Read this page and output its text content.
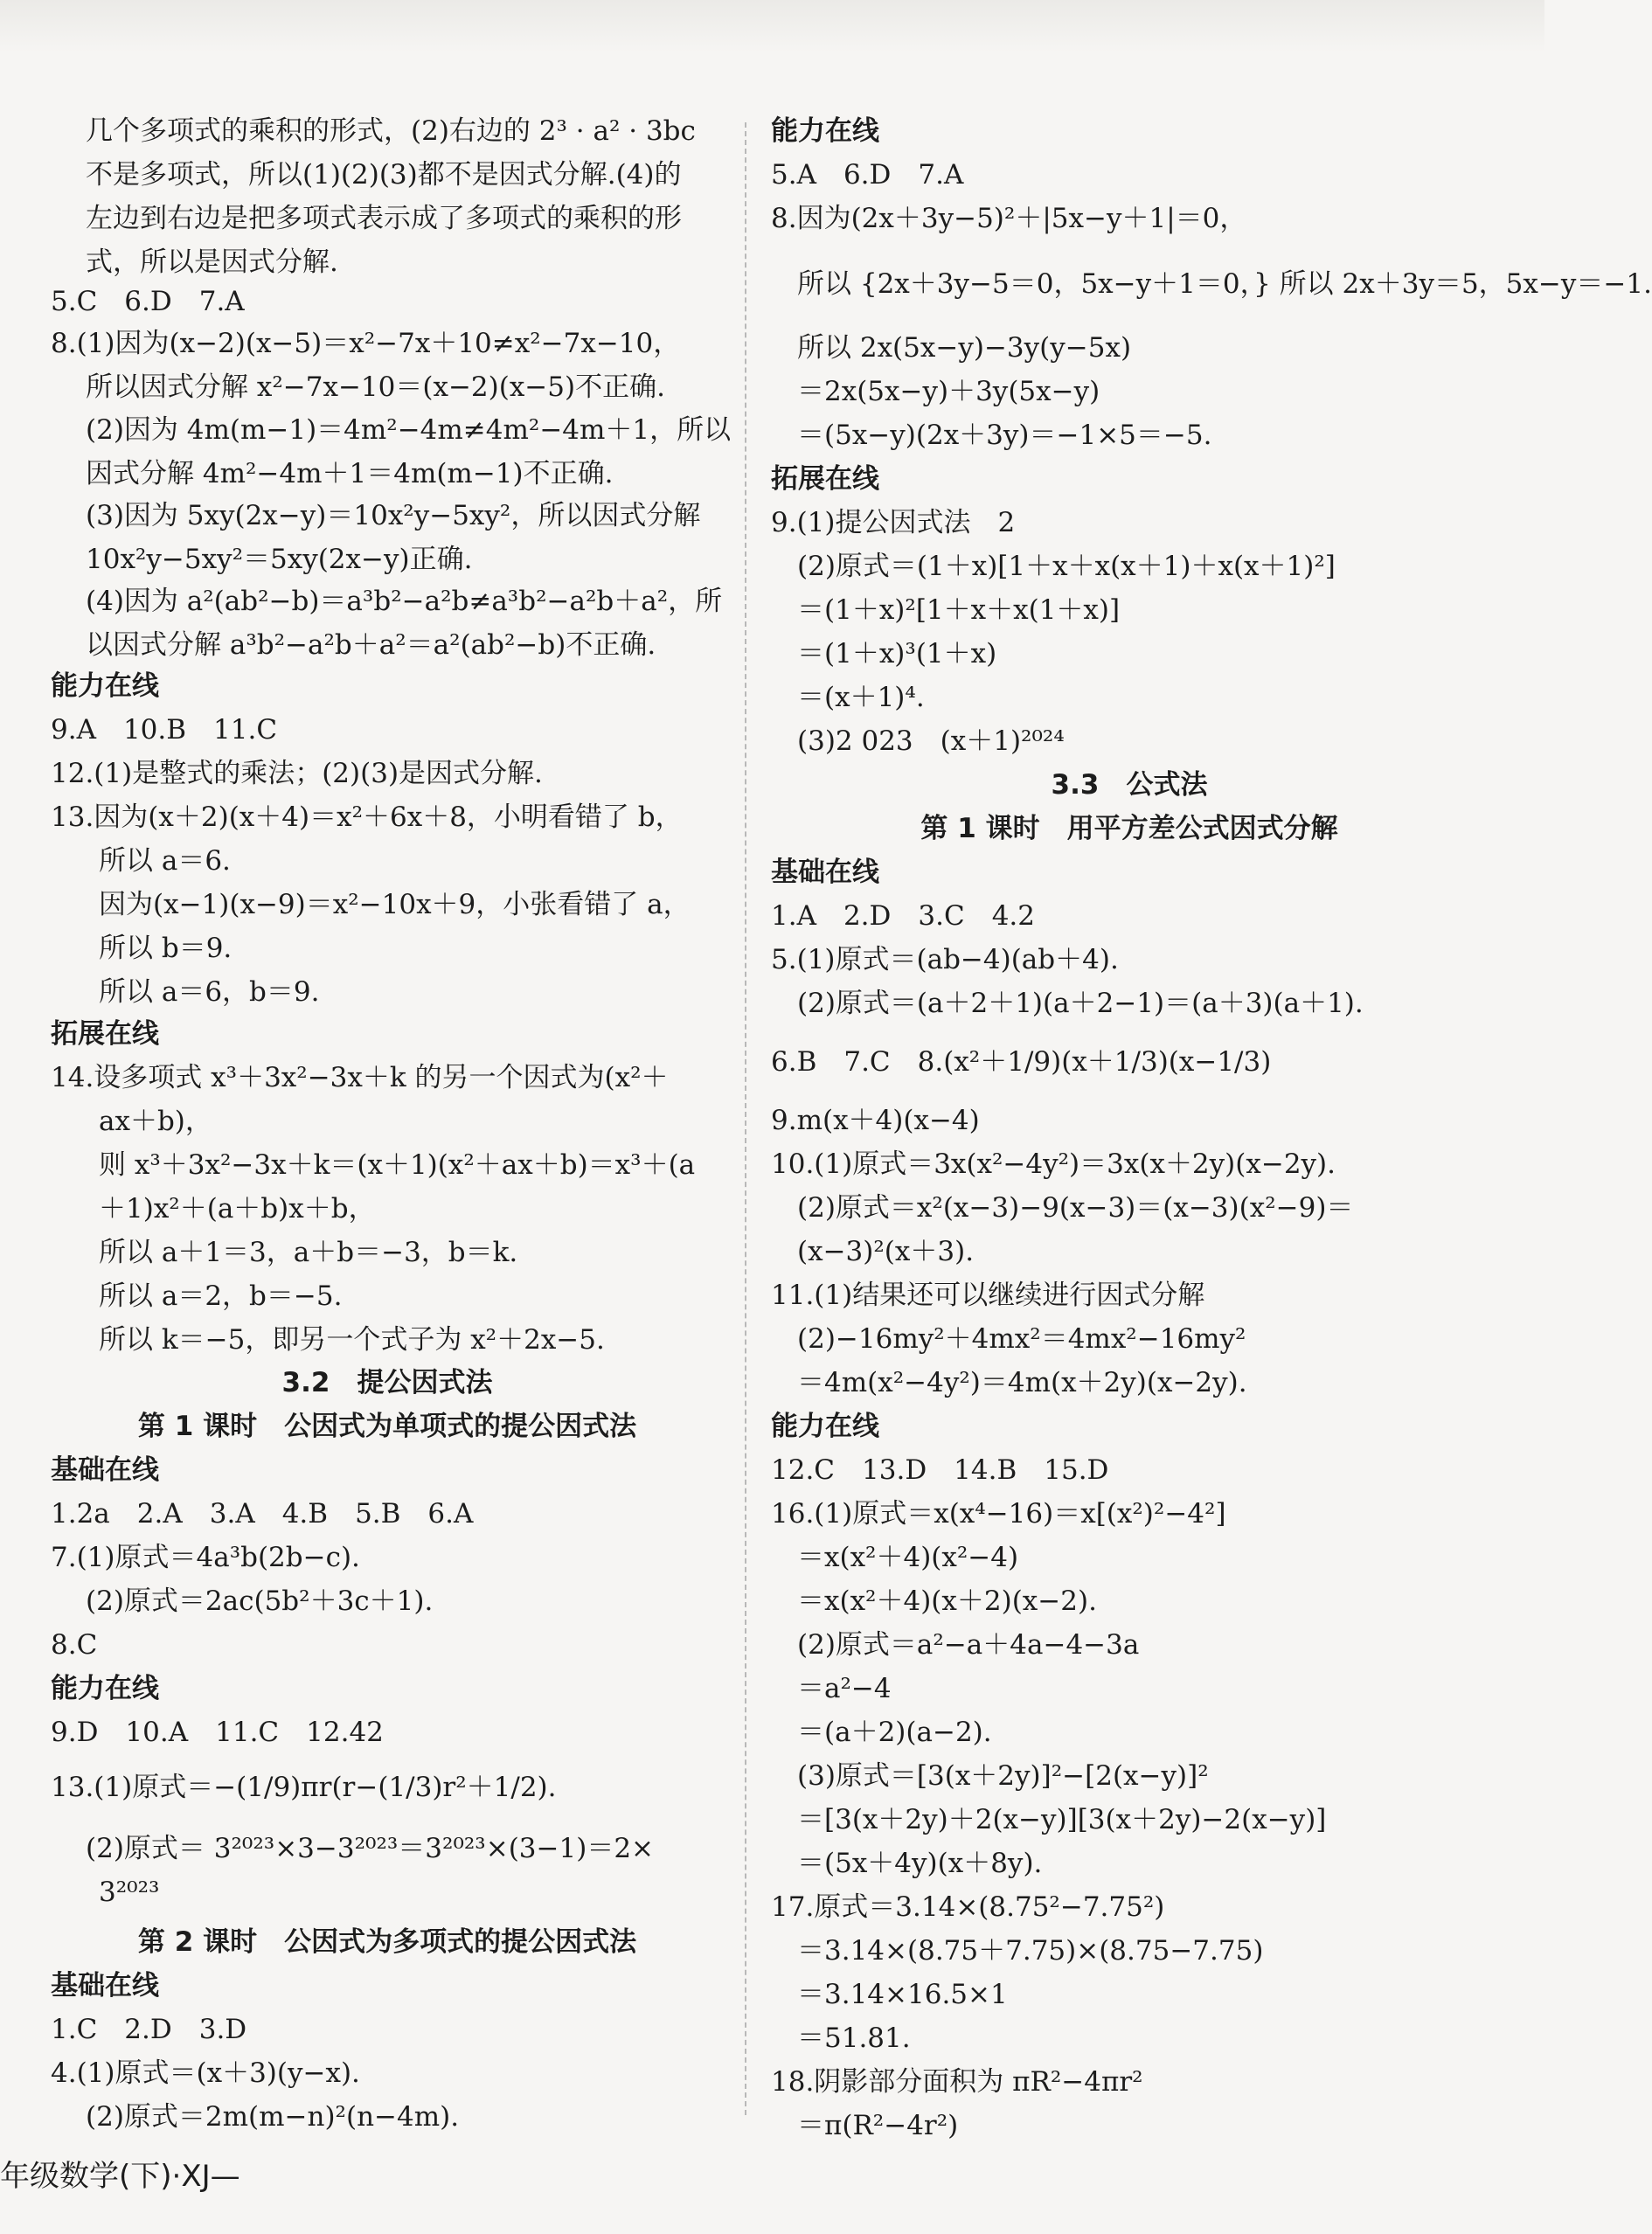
几个多项式的乘积的形式，(2)右边的 2³ · a² · 3bc
不是多项式，所以(1)(2)(3)都不是因式分解.(4)的
左边到右边是把多项式表示成了多项式的乘积的形
式，所以是因式分解.
5.C　6.D　7.A
8.(1)因为(x−2)(x−5)＝x²−7x＋10≠x²−7x−10，
所以因式分解 x²−7x−10＝(x−2)(x−5)不正确.
(2)因为 4m(m−1)＝4m²−4m≠4m²−4m＋1，所以
因式分解 4m²−4m＋1＝4m(m−1)不正确.
(3)因为 5xy(2x−y)＝10x²y−5xy²，所以因式分解
10x²y−5xy²＝5xy(2x−y)正确.
(4)因为 a²(ab²−b)＝a³b²−a²b≠a³b²−a²b＋a²，所
以因式分解 a³b²−a²b＋a²＝a²(ab²−b)不正确.
能力在线
9.A　10.B　11.C
12.(1)是整式的乘法；(2)(3)是因式分解.
13.因为(x＋2)(x＋4)＝x²＋6x＋8，小明看错了 b，
所以 a＝6.
因为(x−1)(x−9)＝x²−10x＋9，小张看错了 a，
所以 b＝9.
所以 a＝6，b＝9.
拓展在线
14.设多项式 x³＋3x²−3x＋k 的另一个因式为(x²＋
ax＋b)，
则 x³＋3x²−3x＋k＝(x＋1)(x²＋ax＋b)＝x³＋(a
＋1)x²＋(a＋b)x＋b，
所以 a＋1＝3，a＋b＝−3，b＝k.
所以 a＝2，b＝−5.
所以 k＝−5，即另一个式子为 x²＋2x−5.
3.2　提公因式法
第 1 课时　公因式为单项式的提公因式法
基础在线
1.2a　2.A　3.A　4.B　5.B　6.A
7.(1)原式＝4a³b(2b−c).
(2)原式＝2ac(5b²＋3c＋1).
8.C
能力在线
9.D　10.A　11.C　12.42
13.(1)原式＝−(1/9)πr(r−(1/3)r²＋1/2).
(2)原式＝ 3²⁰²³×3−3²⁰²³＝3²⁰²³×(3−1)＝2×
3²⁰²³
第 2 课时　公因式为多项式的提公因式法
基础在线
1.C　2.D　3.D
4.(1)原式＝(x＋3)(y−x).
(2)原式＝2m(m−n)²(n−4m).
能力在线
5.A　6.D　7.A
8.因为(2x＋3y−5)²＋|5x−y＋1|＝0，
所以 {2x＋3y−5＝0，5x−y＋1＝0，} 所以 2x＋3y＝5，5x−y＝−1.
所以 2x(5x−y)−3y(y−5x)
＝2x(5x−y)＋3y(5x−y)
＝(5x−y)(2x＋3y)＝−1×5＝−5.
拓展在线
9.(1)提公因式法　2
(2)原式＝(1＋x)[1＋x＋x(x＋1)＋x(x＋1)²]
＝(1＋x)²[1＋x＋x(1＋x)]
＝(1＋x)³(1＋x)
＝(x＋1)⁴.
(3)2 023　(x＋1)²⁰²⁴
3.3　公式法
第 1 课时　用平方差公式因式分解
基础在线
1.A　2.D　3.C　4.2
5.(1)原式＝(ab−4)(ab＋4).
(2)原式＝(a＋2＋1)(a＋2−1)＝(a＋3)(a＋1).
6.B　7.C　8.(x²＋1/9)(x＋1/3)(x−1/3)
9.m(x＋4)(x−4)
10.(1)原式＝3x(x²−4y²)＝3x(x＋2y)(x−2y).
(2)原式＝x²(x−3)−9(x−3)＝(x−3)(x²−9)＝
(x−3)²(x＋3).
11.(1)结果还可以继续进行因式分解
(2)−16my²＋4mx²＝4mx²−16my²
＝4m(x²−4y²)＝4m(x＋2y)(x−2y).
能力在线
12.C　13.D　14.B　15.D
16.(1)原式＝x(x⁴−16)＝x[(x²)²−4²]
＝x(x²＋4)(x²−4)
＝x(x²＋4)(x＋2)(x−2).
(2)原式＝a²−a＋4a−4−3a
＝a²−4
＝(a＋2)(a−2).
(3)原式＝[3(x＋2y)]²−[2(x−y)]²
＝[3(x＋2y)＋2(x−y)][3(x＋2y)−2(x−y)]
＝(5x＋4y)(x＋8y).
17.原式＝3.14×(8.75²−7.75²)
＝3.14×(8.75＋7.75)×(8.75−7.75)
＝3.14×16.5×1
＝51.81.
18.阴影部分面积为 πR²−4πr²
＝π(R²−4r²)
年级数学(下)·XJ—
